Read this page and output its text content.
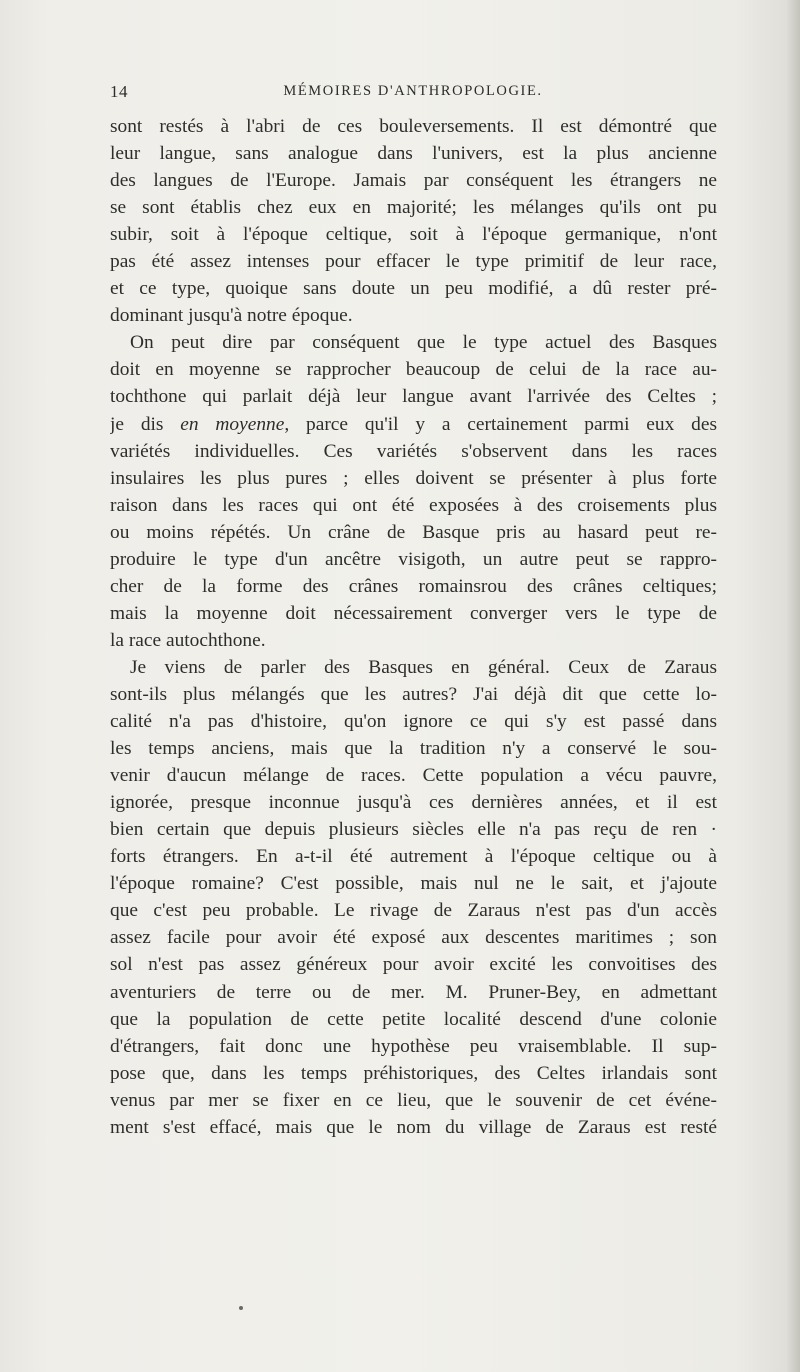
14	MÉMOIRES D'ANTHROPOLOGIE.
sont restés à l'abri de ces bouleversements. Il est démontré que
leur langue, sans analogue dans l'univers, est la plus ancienne
des langues de l'Europe. Jamais par conséquent les étrangers ne
se sont établis chez eux en majorité; les mélanges qu'ils ont pu
subir, soit à l'époque celtique, soit à l'époque germanique, n'ont
pas été assez intenses pour effacer le type primitif de leur race,
et ce type, quoique sans doute un peu modifié, a dû rester pré-
dominant jusqu'à notre époque.
On peut dire par conséquent que le type actuel des Basques
doit en moyenne se rapprocher beaucoup de celui de la race au-
tochthone qui parlait déjà leur langue avant l'arrivée des Celtes ;
je dis en moyenne, parce qu'il y a certainement parmi eux des
variétés individuelles. Ces variétés s'observent dans les races
insulaires les plus pures ; elles doivent se présenter à plus forte
raison dans les races qui ont été exposées à des croisements plus
ou moins répétés. Un crâne de Basque pris au hasard peut re-
produire le type d'un ancêtre visigoth, un autre peut se rappro-
cher de la forme des crânes romainsrou des crânes celtiques;
mais la moyenne doit nécessairement converger vers le type de
la race autochthone.
Je viens de parler des Basques en général. Ceux de Zaraus
sont-ils plus mélangés que les autres? J'ai déjà dit que cette lo-
calité n'a pas d'histoire, qu'on ignore ce qui s'y est passé dans
les temps anciens, mais que la tradition n'y a conservé le sou-
venir d'aucun mélange de races. Cette population a vécu pauvre,
ignorée, presque inconnue jusqu'à ces dernières années, et il est
bien certain que depuis plusieurs siècles elle n'a pas reçu de ren ·
forts étrangers. En a-t-il été autrement à l'époque celtique ou à
l'époque romaine? C'est possible, mais nul ne le sait, et j'ajoute
que c'est peu probable. Le rivage de Zaraus n'est pas d'un accès
assez facile pour avoir été exposé aux descentes maritimes ; son
sol n'est pas assez généreux pour avoir excité les convoitises des
aventuriers de terre ou de mer. M. Pruner-Bey, en admettant
que la population de cette petite localité descend d'une colonie
d'étrangers, fait donc une hypothèse peu vraisemblable. Il sup-
pose que, dans les temps préhistoriques, des Celtes irlandais sont
venus par mer se fixer en ce lieu, que le souvenir de cet événe-
ment s'est effacé, mais que le nom du village de Zaraus est resté
